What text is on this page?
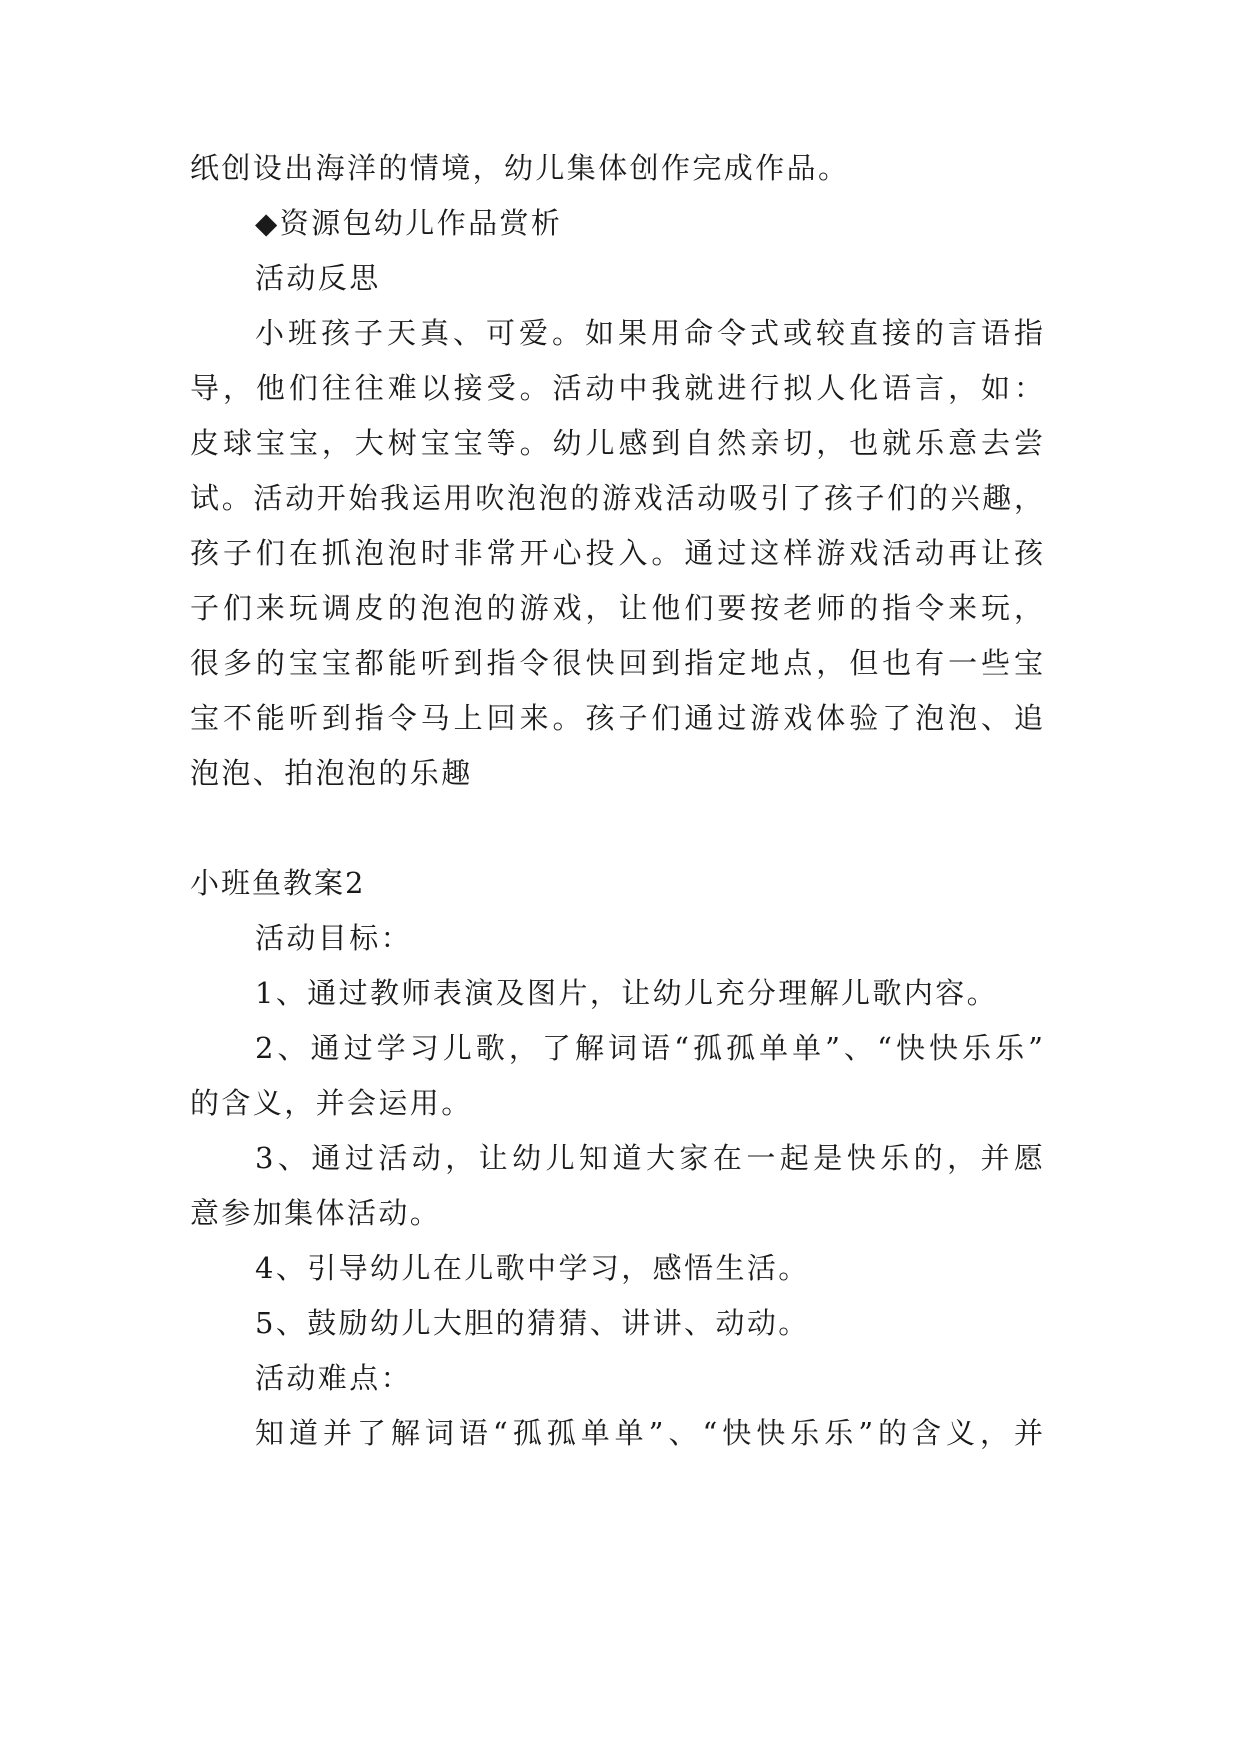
纸创设出海洋的情境，幼儿集体创作完成作品。
◆资源包幼儿作品赏析
活动反思
小班孩子天真、可爱。如果用命令式或较直接的言语指
导，他们往往难以接受。活动中我就进行拟人化语言，如：
皮球宝宝，大树宝宝等。幼儿感到自然亲切，也就乐意去尝
试。活动开始我运用吹泡泡的游戏活动吸引了孩子们的兴趣，
孩子们在抓泡泡时非常开心投入。通过这样游戏活动再让孩
子们来玩调皮的泡泡的游戏，让他们要按老师的指令来玩，
很多的宝宝都能听到指令很快回到指定地点，但也有一些宝
宝不能听到指令马上回来。孩子们通过游戏体验了泡泡、追
泡泡、拍泡泡的乐趣
小班鱼教案2
活动目标：
1、通过教师表演及图片，让幼儿充分理解儿歌内容。
2、通过学习儿歌，了解词语“孤孤单单”、“快快乐乐”
的含义，并会运用。
3、通过活动，让幼儿知道大家在一起是快乐的，并愿
意参加集体活动。
4、引导幼儿在儿歌中学习，感悟生活。
5、鼓励幼儿大胆的猜猜、讲讲、动动。
活动难点：
知道并了解词语“孤孤单单”、“快快乐乐”的含义，并
